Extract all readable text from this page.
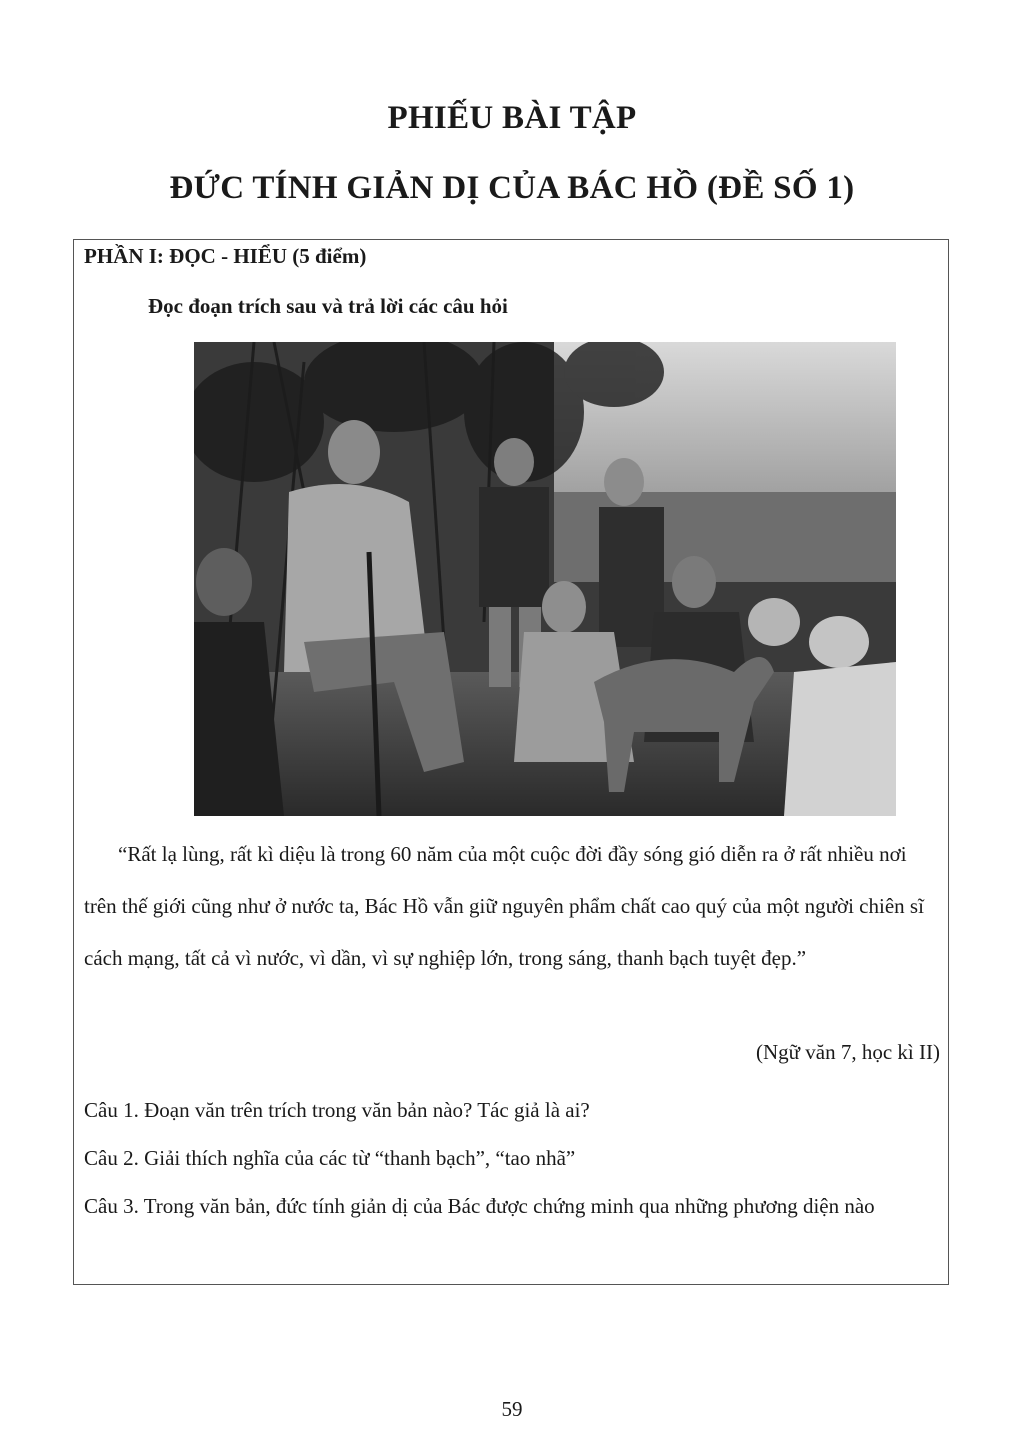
PHIẾU BÀI TẬP
ĐỨC TÍNH GIẢN DỊ CỦA BÁC HỒ (ĐỀ SỐ 1)
PHẦN I: ĐỌC - HIỂU (5 điểm)
Đọc đoạn trích sau và trả lời các câu hỏi

“Rất lạ lùng, rất kì diệu là trong 60 năm của một cuộc đời đầy sóng gió diễn ra ở rất nhiều nơi trên thế giới cũng như ở nước ta, Bác Hồ vẫn giữ nguyên phẩm chất cao quý của một người chiên sĩ cách mạng, tất cả vì nước, vì dần, vì sự nghiệp lớn, trong sáng, thanh bạch tuyệt đẹp.”

(Ngữ văn 7, học kì II)

Câu 1. Đoạn văn trên trích trong văn bản nào? Tác giả là ai?

Câu 2. Giải thích nghĩa của các từ “thanh bạch”, “tao nhã”

Câu 3. Trong văn bản, đức tính giản dị của Bác được chứng minh qua những phương diện nào

59
